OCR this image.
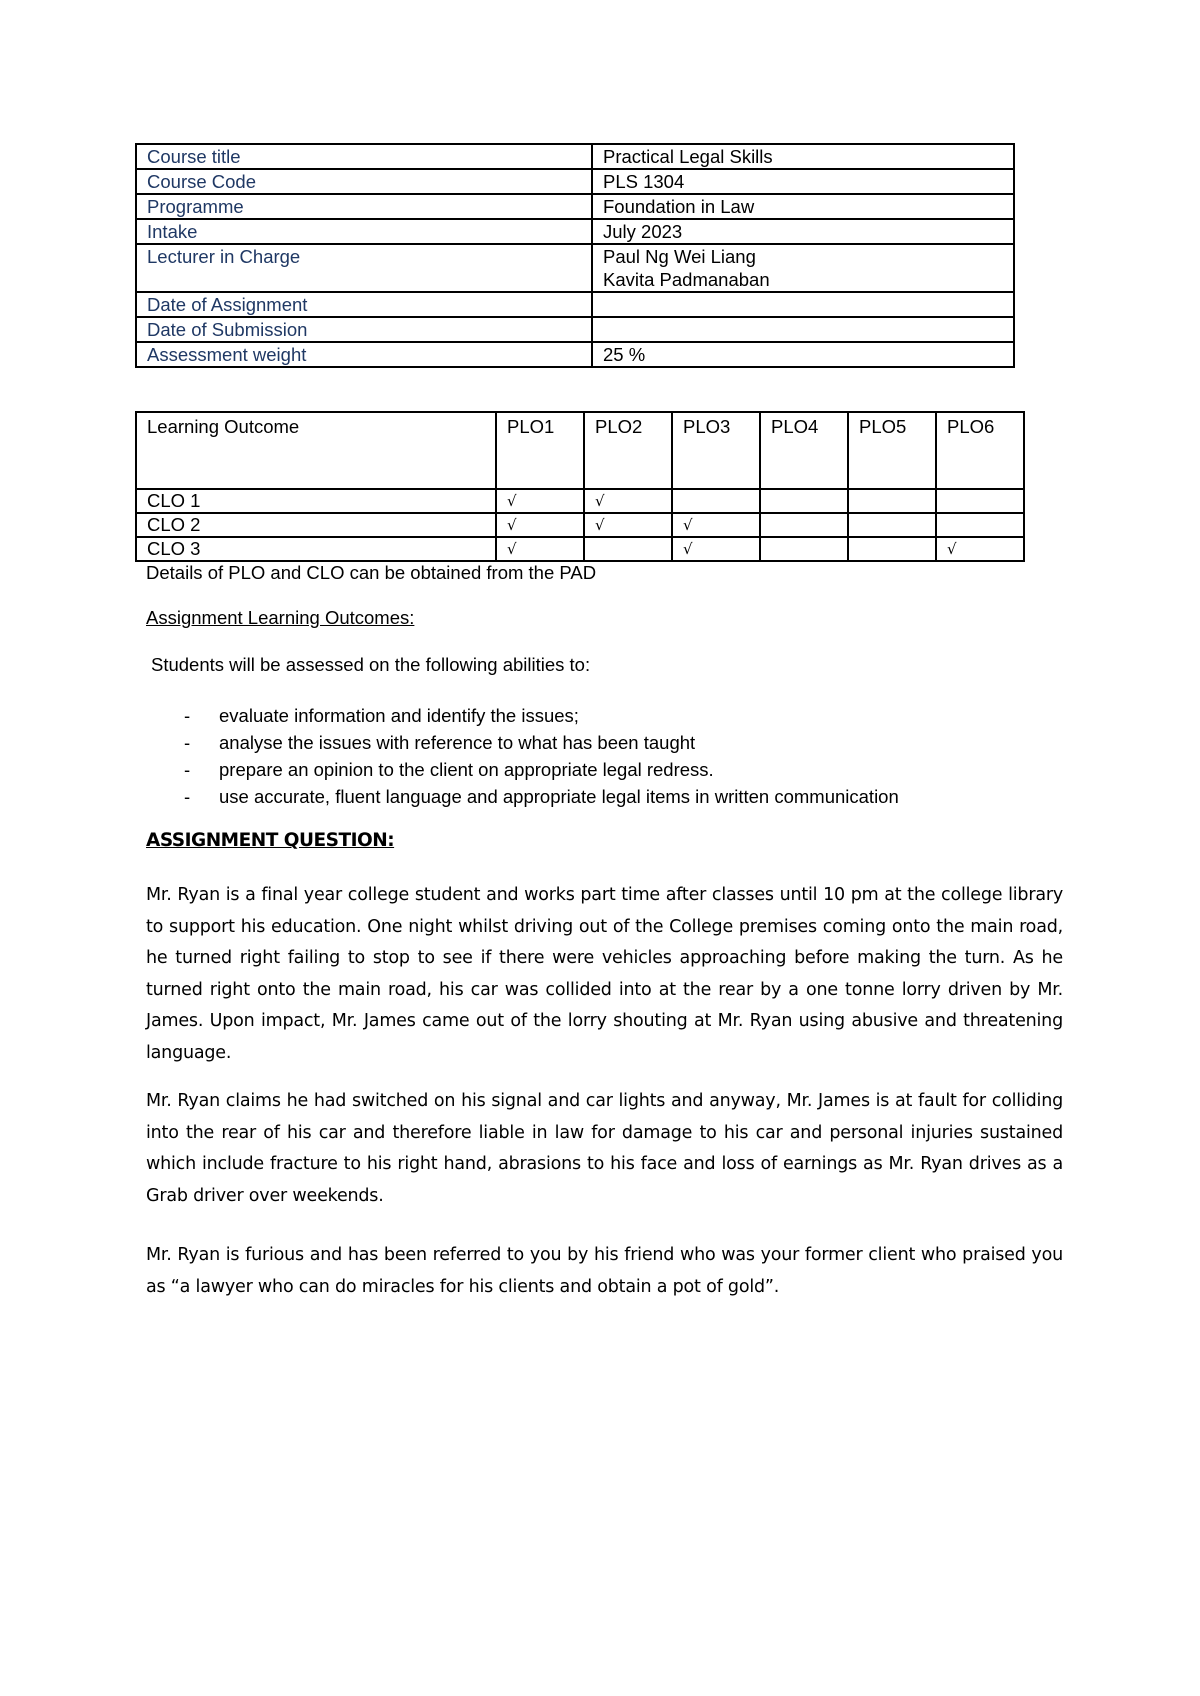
Course title	Practical Legal Skills
Course Code	PLS 1304
Programme	Foundation in Law
Intake	July 2023
Lecturer in Charge	Paul Ng Wei Liang
Kavita Padmanaban

Date of Assignment	
Date of Submission	
Assessment weight	25 %
Learning Outcome	PLO1	PLO2	PLO3	PLO4	PLO5	PLO6
CLO 1	√	√				
CLO 2	√	√	√			
CLO 3	√		√			√

Details of PLO and CLO can be obtained from the PAD

Assignment Learning Outcomes:

Students will be assessed on the following abilities to:

- evaluate information and identify the issues;
- analyse the issues with reference to what has been taught
- prepare an opinion to the client on appropriate legal redress.
- use accurate, fluent language and appropriate legal items in written communication

ASSIGNMENT QUESTION:

Mr. Ryan is a final year college student and works part time after classes until 10 pm at the college library to support his education. One night whilst driving out of the College premises coming onto the main road, he turned right failing to stop to see if there were vehicles approaching before making the turn. As he turned right onto the main road, his car was collided into at the rear by a one tonne lorry driven by Mr. James. Upon impact, Mr. James came out of the lorry shouting at Mr. Ryan using abusive and threatening language.

Mr. Ryan claims he had switched on his signal and car lights and anyway, Mr. James is at fault for colliding into the rear of his car and therefore liable in law for damage to his car and personal injuries sustained which include fracture to his right hand, abrasions to his face and loss of earnings as Mr. Ryan drives as a Grab driver over weekends.

Mr. Ryan is furious and has been referred to you by his friend who was your former client who praised you as “a lawyer who can do miracles for his clients and obtain a pot of gold”.
